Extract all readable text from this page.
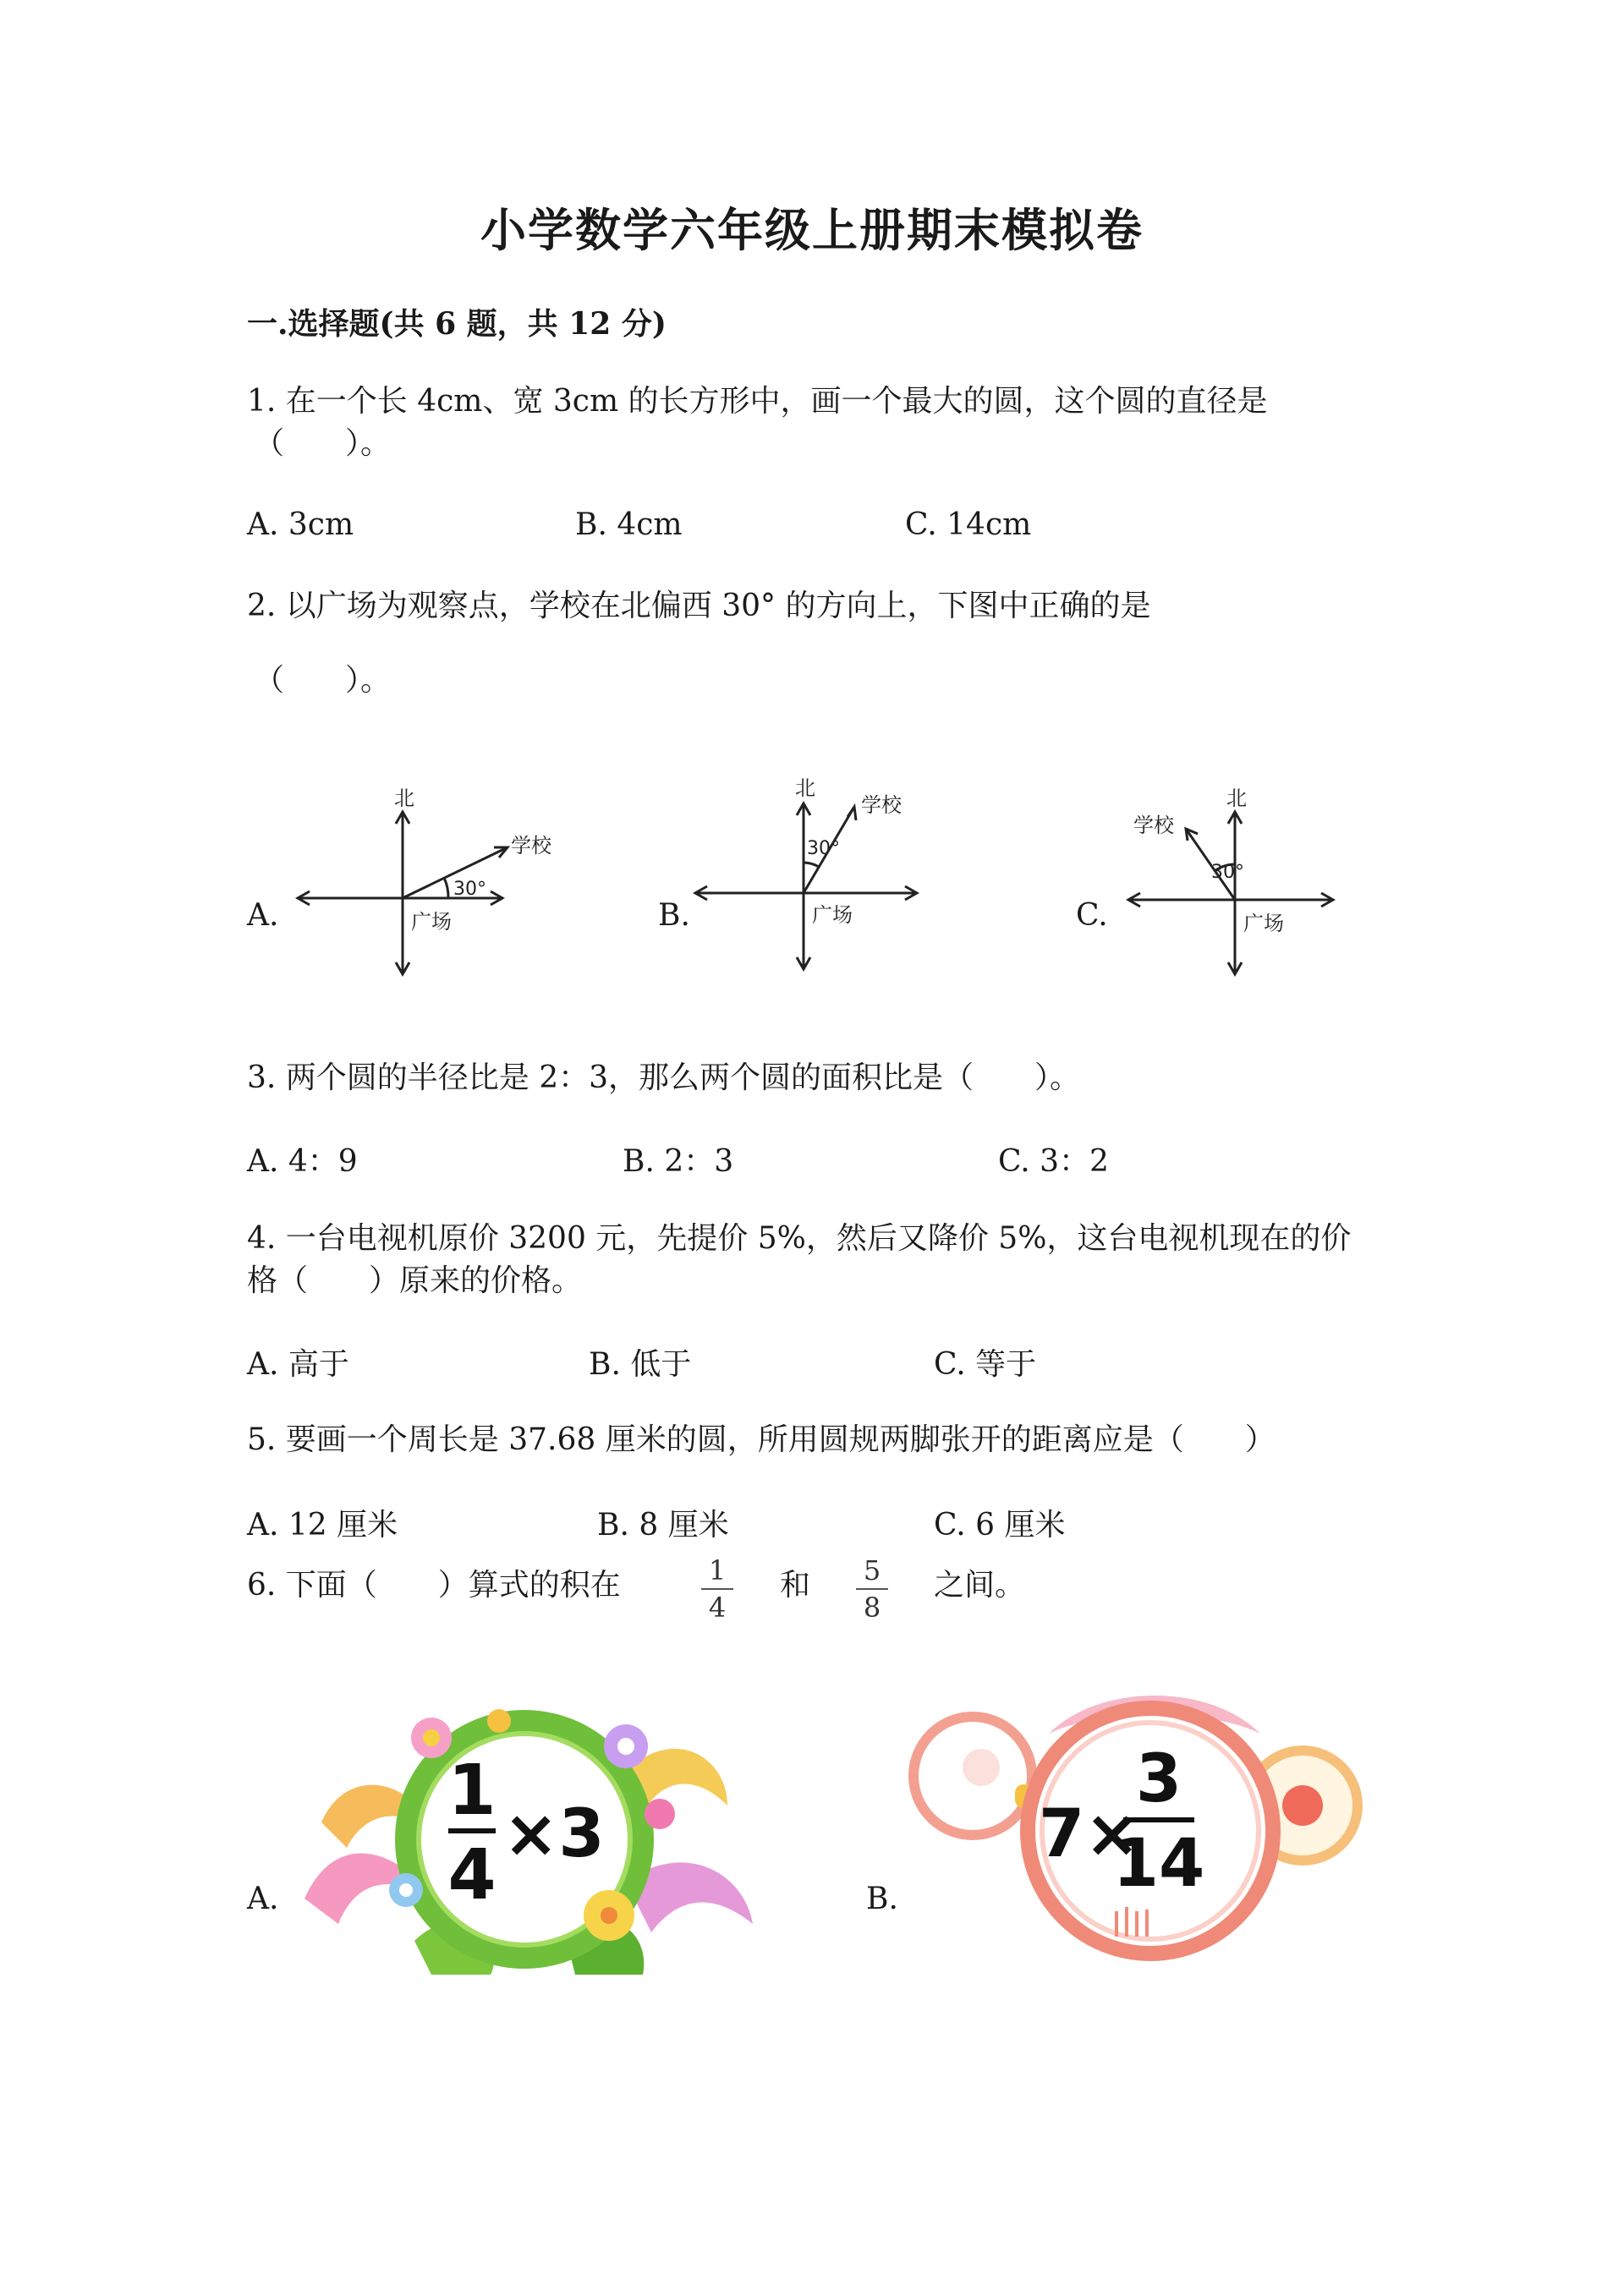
小学数学六年级上册期末模拟卷
一.选择题(共 6 题，共 12 分)
1. 在一个长 4cm、宽 3cm 的长方形中，画一个最大的圆，这个圆的直径是
（　　）。
A. 3cm	B. 4cm	C. 14cm
2. 以广场为观察点，学校在北偏西 30° 的方向上，下图中正确的是
（　　）。
A.	B.	C.
北
学校
30°
广场
北
学校
30°
广场
北
学校
30°
广场
3. 两个圆的半径比是 2：3，那么两个圆的面积比是（　　）。
A. 4：9	B. 2：3	C. 3：2
4. 一台电视机原价 3200 元，先提价 5%，然后又降价 5%，这台电视机现在的价
格（　　）原来的价格。
A. 高于	B. 低于	C. 等于
5. 要画一个周长是 37.68 厘米的圆，所用圆规两脚张开的距离应是（　　）
A. 12 厘米	B. 8 厘米	C. 6 厘米
6. 下面（　　）算式的积在	1
4
和	5
8
之间。
A.
1
4
×3
B.
7×
3
14
